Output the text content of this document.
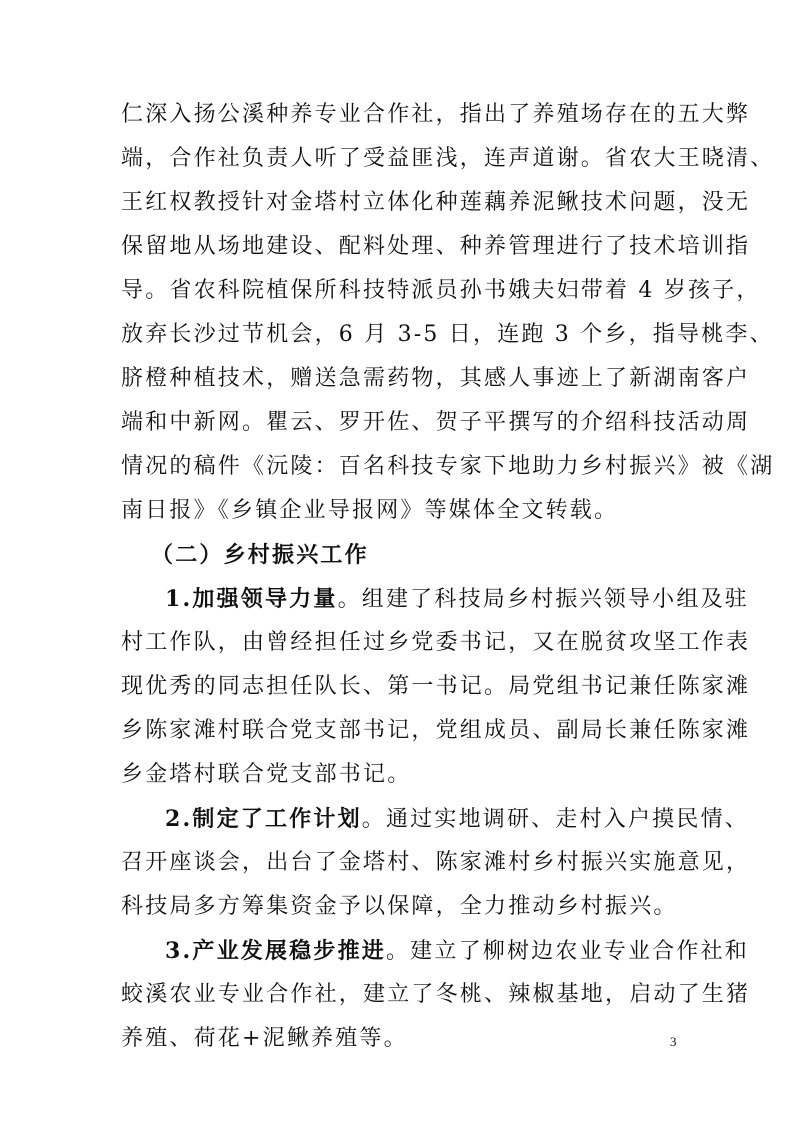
仁深入扬公溪种养专业合作社，指出了养殖场存在的五大弊
端，合作社负责人听了受益匪浅，连声道谢。省农大王晓清、
王红权教授针对金塔村立体化种莲藕养泥鳅技术问题，没无
保留地从场地建设、配料处理、种养管理进行了技术培训指
导。省农科院植保所科技特派员孙书娥夫妇带着 4 岁孩子，
放弃长沙过节机会，6 月 3-5 日，连跑 3 个乡，指导桃李、
脐橙种植技术，赠送急需药物，其感人事迹上了新湖南客户
端和中新网。瞿云、罗开佐、贺子平撰写的介绍科技活动周
情况的稿件《沅陵：百名科技专家下地助力乡村振兴》被《湖
南日报》《乡镇企业导报网》等媒体全文转载。
（二）乡村振兴工作
1.加强领导力量。组建了科技局乡村振兴领导小组及驻
村工作队，由曾经担任过乡党委书记，又在脱贫攻坚工作表
现优秀的同志担任队长、第一书记。局党组书记兼任陈家滩
乡陈家滩村联合党支部书记，党组成员、副局长兼任陈家滩
乡金塔村联合党支部书记。
2.制定了工作计划。通过实地调研、走村入户摸民情、
召开座谈会，出台了金塔村、陈家滩村乡村振兴实施意见，
科技局多方筹集资金予以保障，全力推动乡村振兴。
3.产业发展稳步推进。建立了柳树边农业专业合作社和
蛟溪农业专业合作社，建立了冬桃、辣椒基地，启动了生猪
养殖、荷花+泥鳅养殖等。	3
